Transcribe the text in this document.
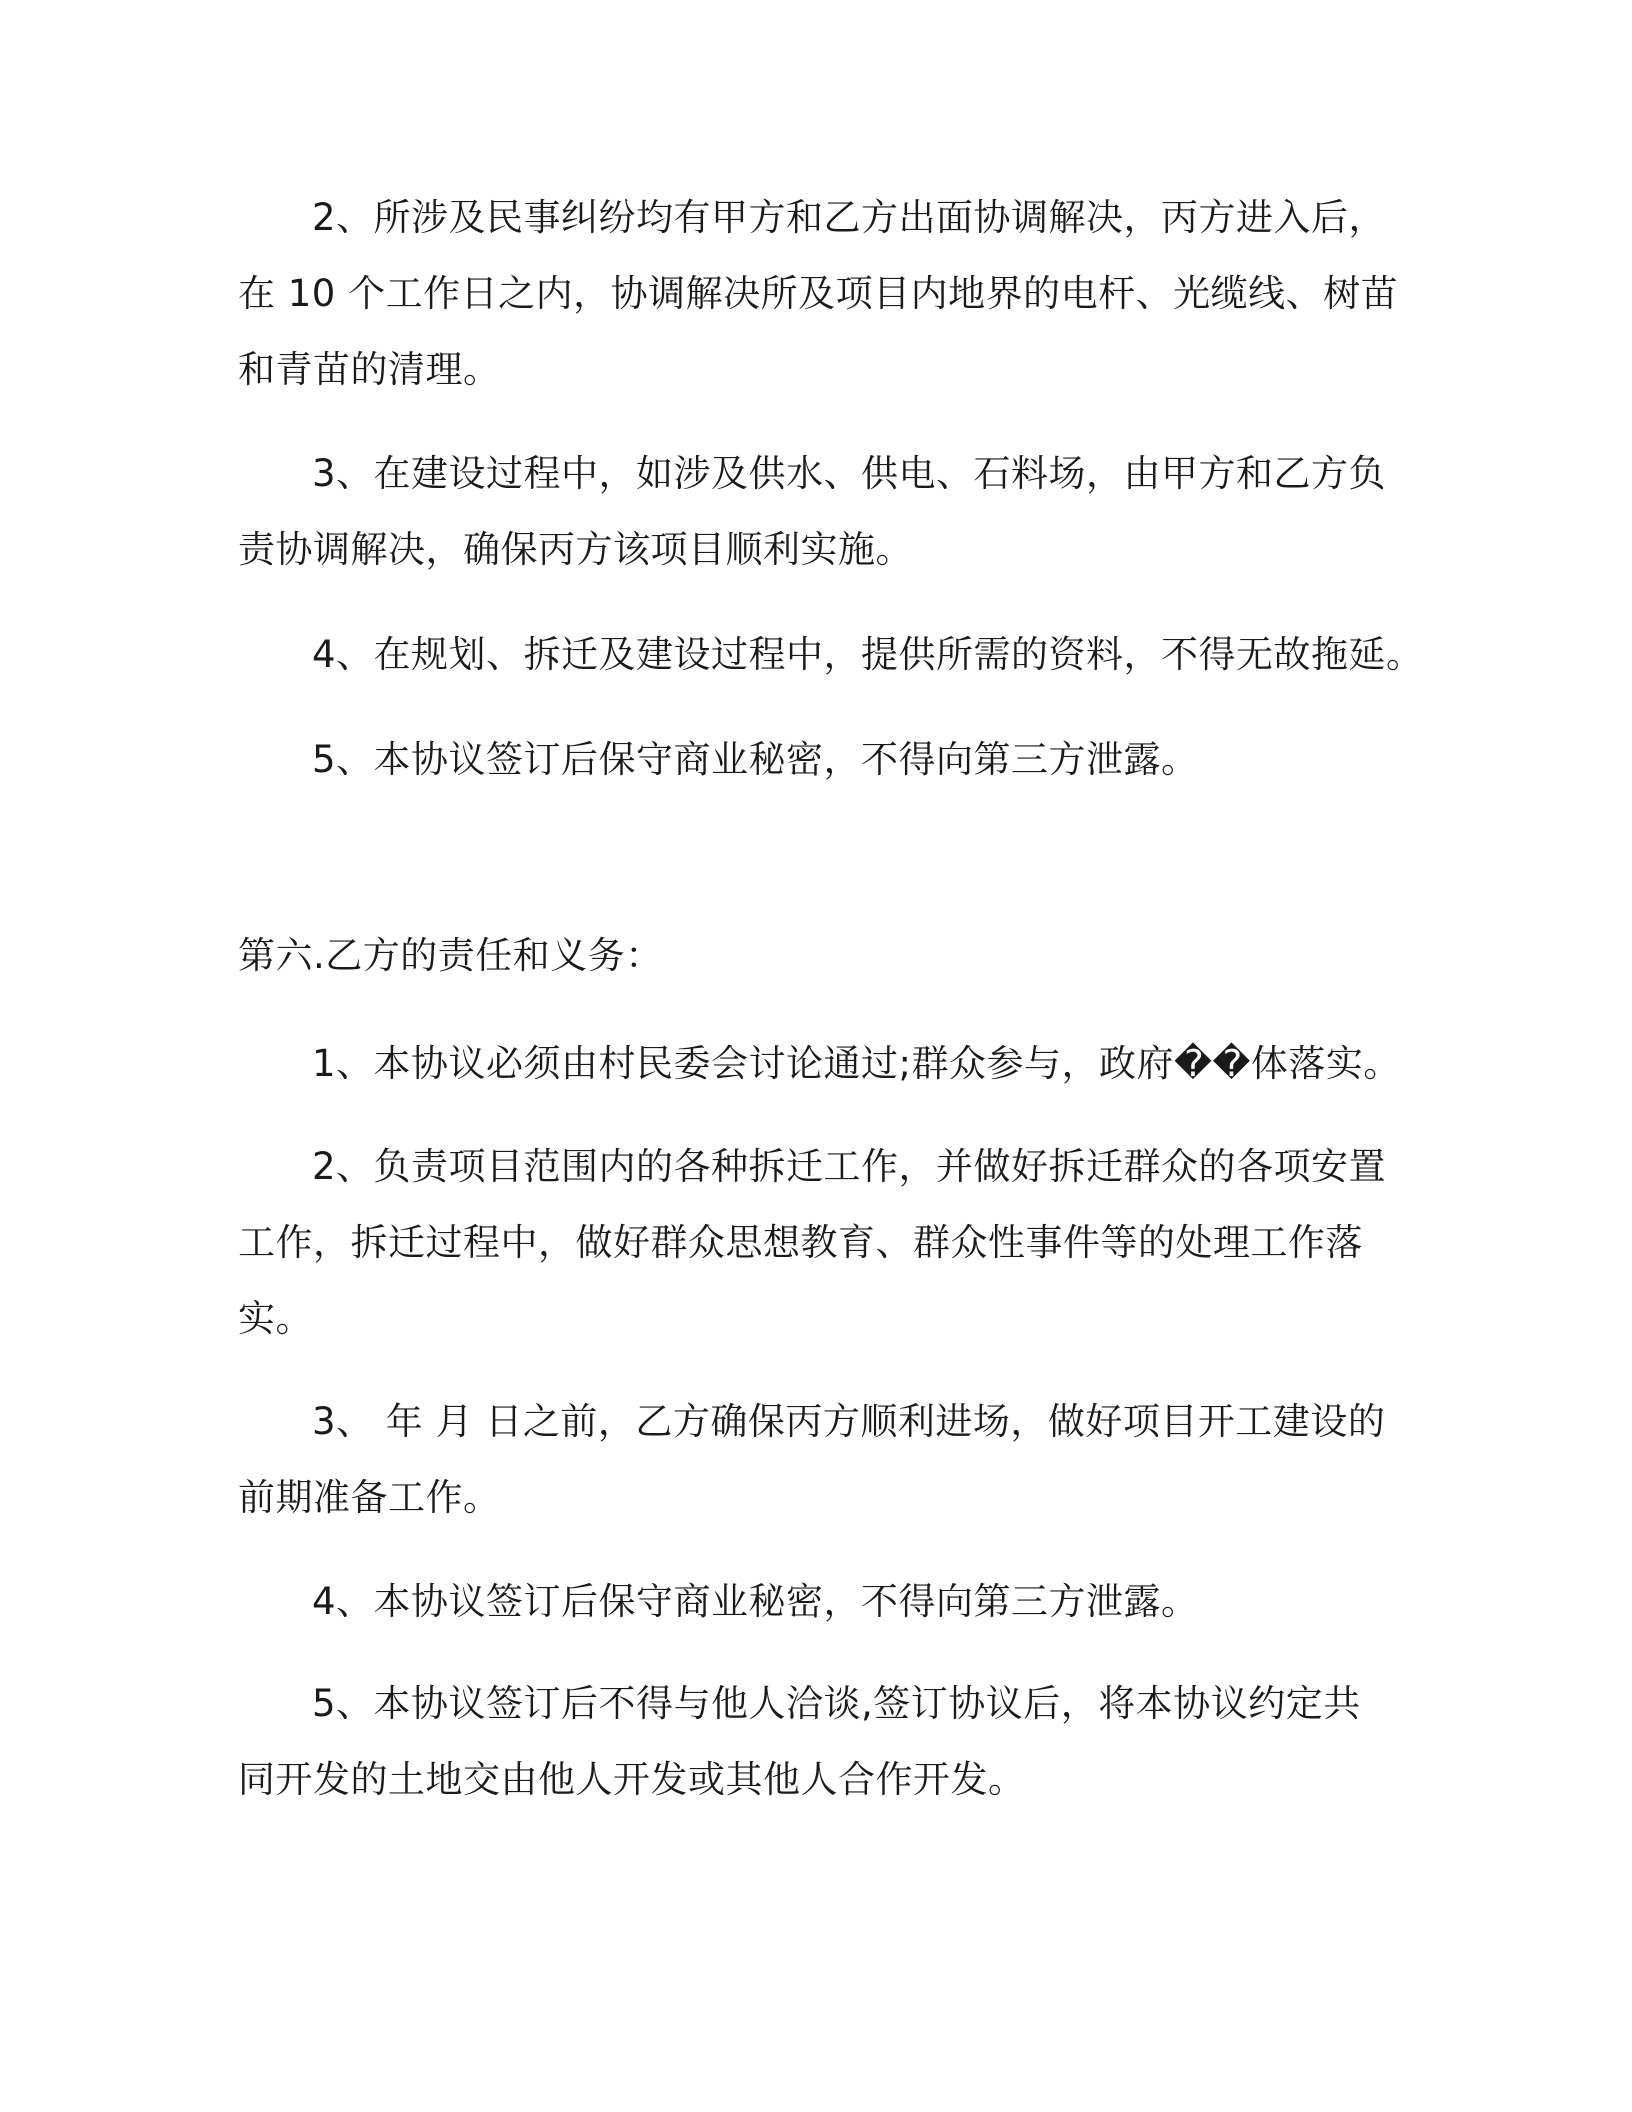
2、所涉及民事纠纷均有甲方和乙方出面协调解决，丙方进入后，
在 10 个工作日之内，协调解决所及项目内地界的电杆、光缆线、树苗
和青苗的清理。
3、在建设过程中，如涉及供水、供电、石料场，由甲方和乙方负
责协调解决，确保丙方该项目顺利实施。
4、在规划、拆迁及建设过程中，提供所需的资料，不得无故拖延。
5、本协议签订后保守商业秘密，不得向第三方泄露。
第六.乙方的责任和义务：
1、本协议必须由村民委会讨论通过;群众参与，政府��体落实。
2、负责项目范围内的各种拆迁工作，并做好拆迁群众的各项安置
工作，拆迁过程中，做好群众思想教育、群众性事件等的处理工作落
实。
3、 年 月 日之前，乙方确保丙方顺利进场，做好项目开工建设的
前期准备工作。
4、本协议签订后保守商业秘密，不得向第三方泄露。
5、本协议签订后不得与他人洽谈,签订协议后，将本协议约定共
同开发的土地交由他人开发或其他人合作开发。
